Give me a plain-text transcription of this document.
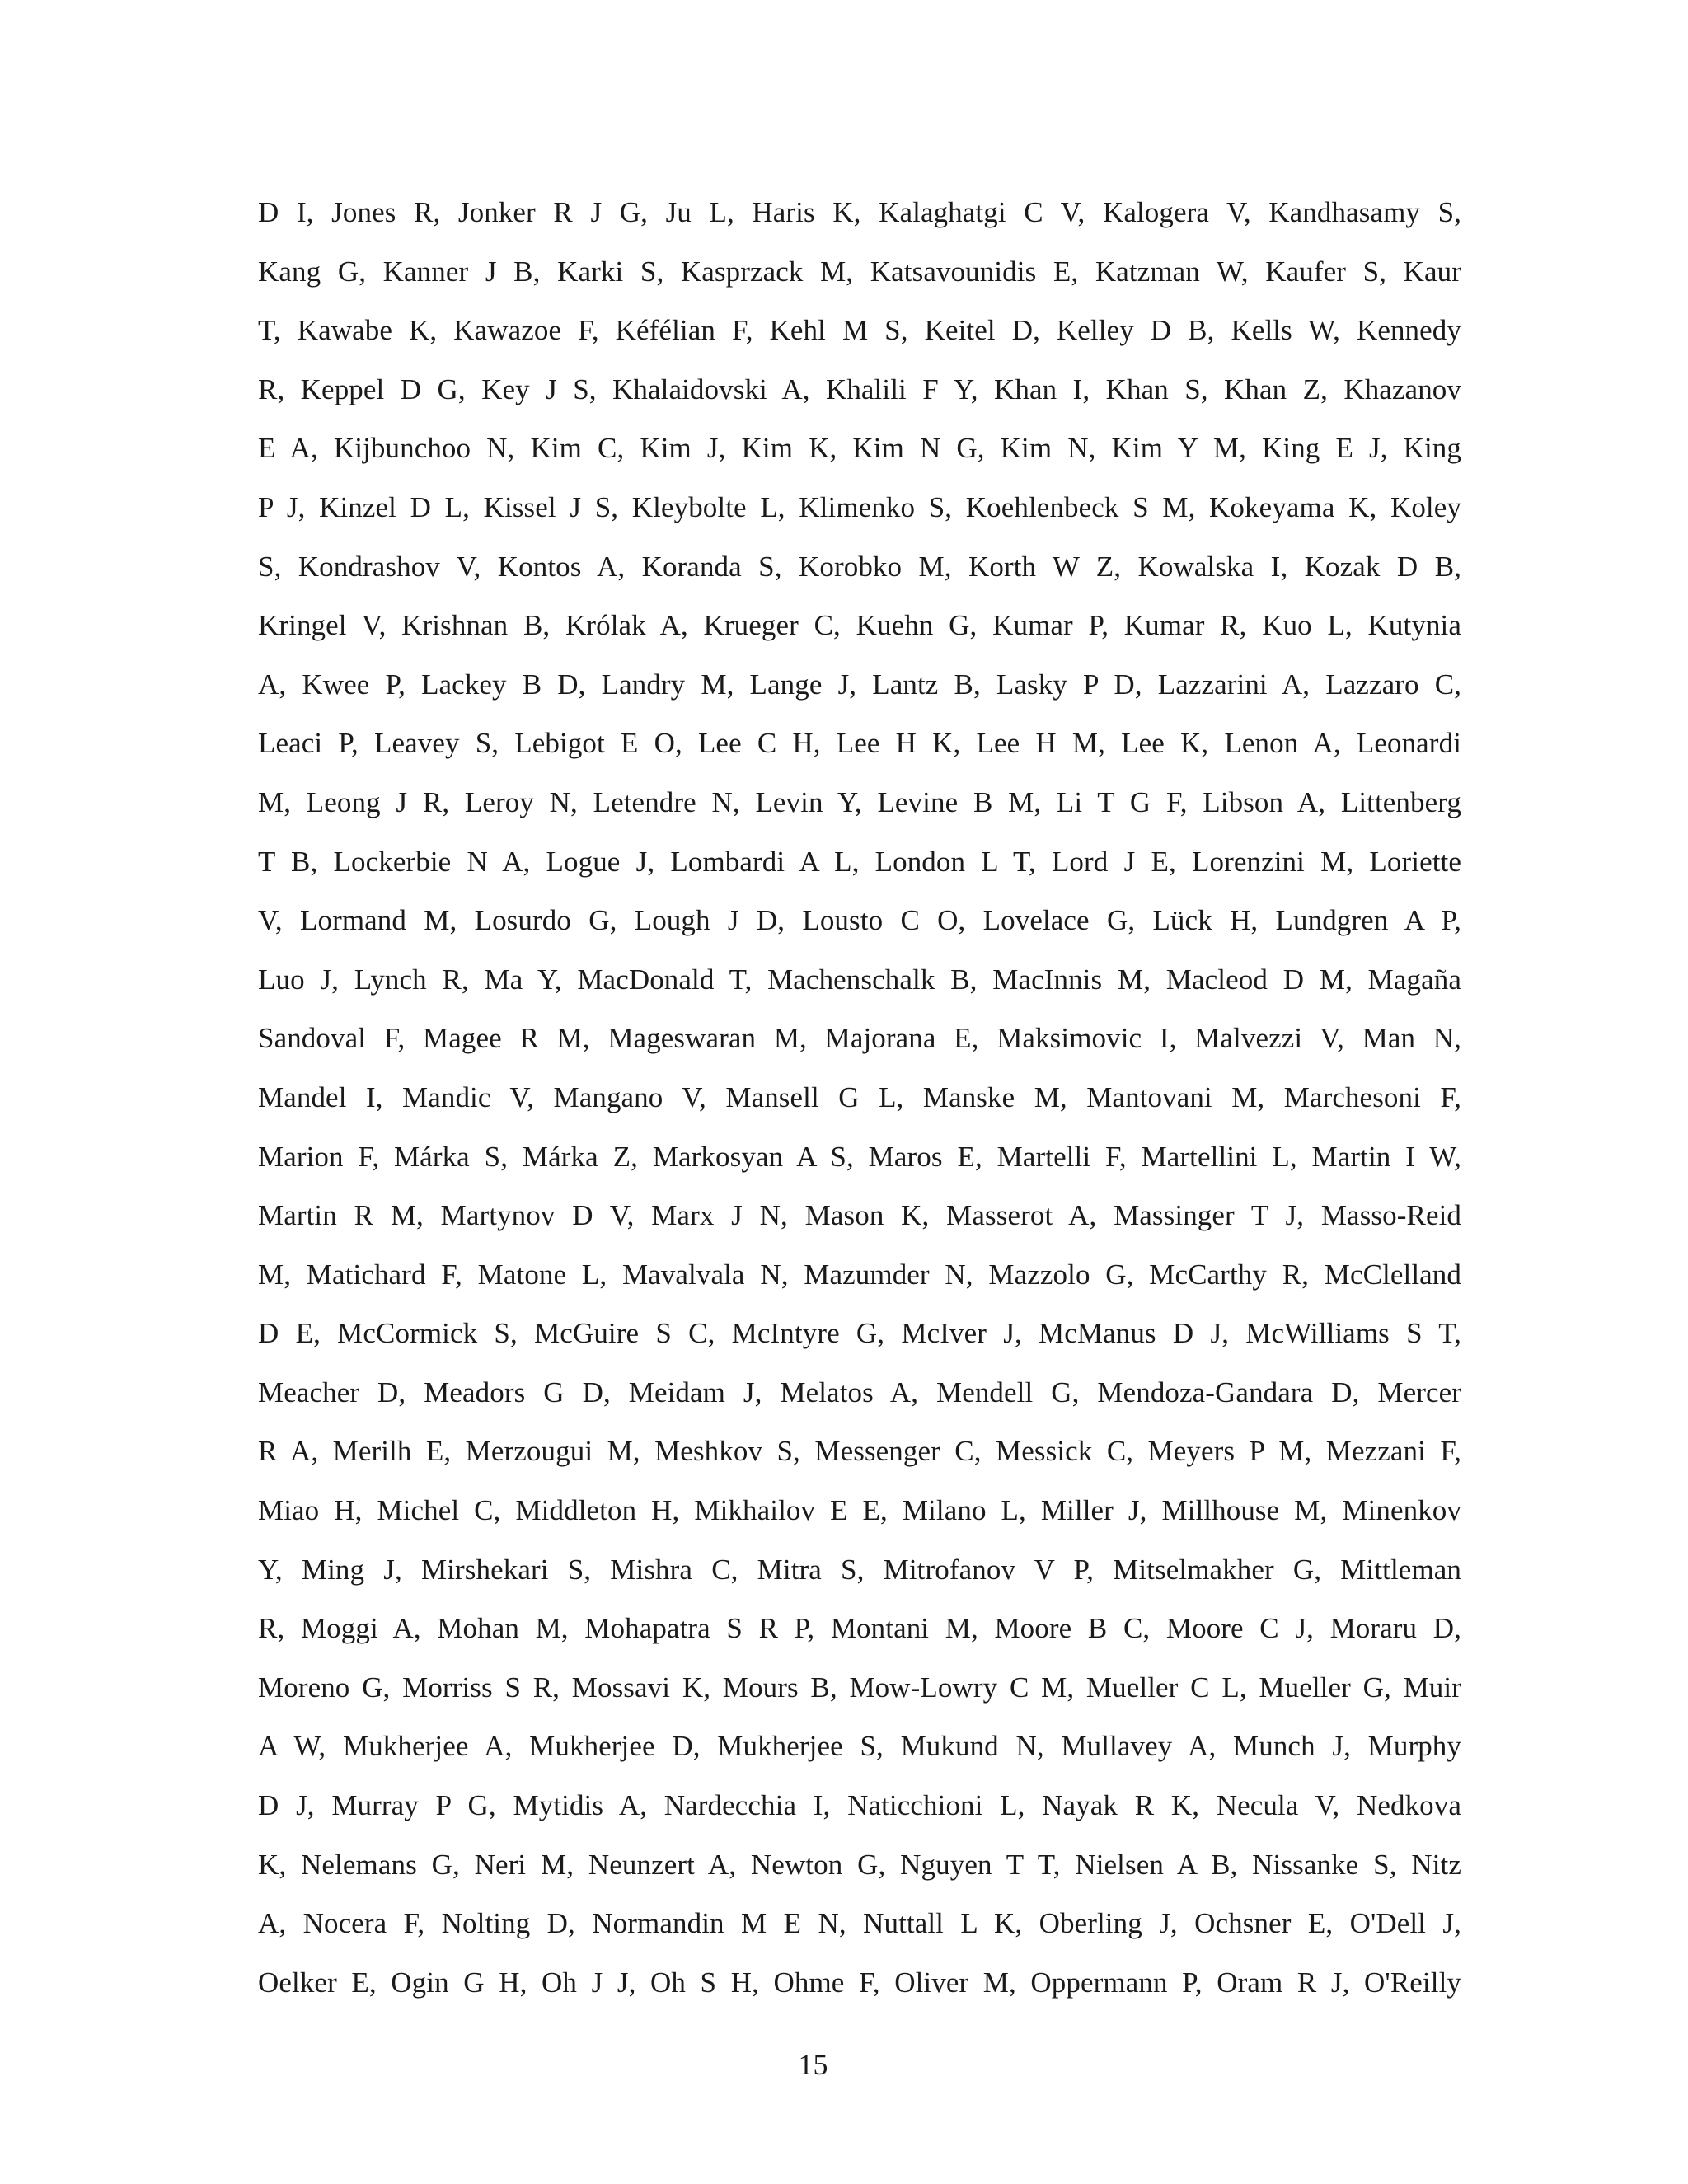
D I, Jones R, Jonker R J G, Ju L, Haris K, Kalaghatgi C V, Kalogera V, Kandhasamy S,
Kang G, Kanner J B, Karki S, Kasprzack M, Katsavounidis E, Katzman W, Kaufer S, Kaur
T, Kawabe K, Kawazoe F, Kéfélian F, Kehl M S, Keitel D, Kelley D B, Kells W, Kennedy
R, Keppel D G, Key J S, Khalaidovski A, Khalili F Y, Khan I, Khan S, Khan Z, Khazanov
E A, Kijbunchoo N, Kim C, Kim J, Kim K, Kim N G, Kim N, Kim Y M, King E J, King
P J, Kinzel D L, Kissel J S, Kleybolte L, Klimenko S, Koehlenbeck S M, Kokeyama K, Koley
S, Kondrashov V, Kontos A, Koranda S, Korobko M, Korth W Z, Kowalska I, Kozak D B,
Kringel V, Krishnan B, Królak A, Krueger C, Kuehn G, Kumar P, Kumar R, Kuo L, Kutynia
A, Kwee P, Lackey B D, Landry M, Lange J, Lantz B, Lasky P D, Lazzarini A, Lazzaro C,
Leaci P, Leavey S, Lebigot E O, Lee C H, Lee H K, Lee H M, Lee K, Lenon A, Leonardi
M, Leong J R, Leroy N, Letendre N, Levin Y, Levine B M, Li T G F, Libson A, Littenberg
T B, Lockerbie N A, Logue J, Lombardi A L, London L T, Lord J E, Lorenzini M, Loriette
V, Lormand M, Losurdo G, Lough J D, Lousto C O, Lovelace G, Lück H, Lundgren A P,
Luo J, Lynch R, Ma Y, MacDonald T, Machenschalk B, MacInnis M, Macleod D M, Magaña
Sandoval F, Magee R M, Mageswaran M, Majorana E, Maksimovic I, Malvezzi V, Man N,
Mandel I, Mandic V, Mangano V, Mansell G L, Manske M, Mantovani M, Marchesoni F,
Marion F, Márka S, Márka Z, Markosyan A S, Maros E, Martelli F, Martellini L, Martin I W,
Martin R M, Martynov D V, Marx J N, Mason K, Masserot A, Massinger T J, Masso-Reid
M, Matichard F, Matone L, Mavalvala N, Mazumder N, Mazzolo G, McCarthy R, McClelland
D E, McCormick S, McGuire S C, McIntyre G, McIver J, McManus D J, McWilliams S T,
Meacher D, Meadors G D, Meidam J, Melatos A, Mendell G, Mendoza-Gandara D, Mercer
R A, Merilh E, Merzougui M, Meshkov S, Messenger C, Messick C, Meyers P M, Mezzani F,
Miao H, Michel C, Middleton H, Mikhailov E E, Milano L, Miller J, Millhouse M, Minenkov
Y, Ming J, Mirshekari S, Mishra C, Mitra S, Mitrofanov V P, Mitselmakher G, Mittleman
R, Moggi A, Mohan M, Mohapatra S R P, Montani M, Moore B C, Moore C J, Moraru D,
Moreno G, Morriss S R, Mossavi K, Mours B, Mow-Lowry C M, Mueller C L, Mueller G, Muir
A W, Mukherjee A, Mukherjee D, Mukherjee S, Mukund N, Mullavey A, Munch J, Murphy
D J, Murray P G, Mytidis A, Nardecchia I, Naticchioni L, Nayak R K, Necula V, Nedkova
K, Nelemans G, Neri M, Neunzert A, Newton G, Nguyen T T, Nielsen A B, Nissanke S, Nitz
A, Nocera F, Nolting D, Normandin M E N, Nuttall L K, Oberling J, Ochsner E, O'Dell J,
Oelker E, Ogin G H, Oh J J, Oh S H, Ohme F, Oliver M, Oppermann P, Oram R J, O'Reilly
15
